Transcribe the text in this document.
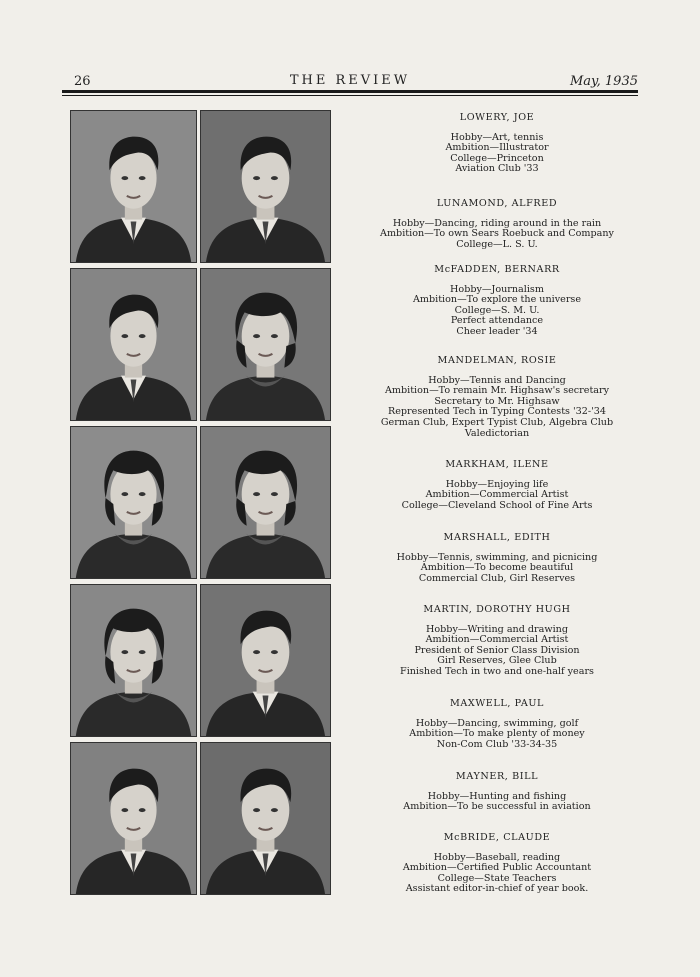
26	THE REVIEW	May, 1935
LOWERY, JOE
Hobby—Art, tennis
Ambition—Illustrator
College—Princeton
Aviation Club '33
LUNAMOND, ALFRED
Hobby—Dancing, riding around in the rain
Ambition—To own Sears Roebuck and Company
College—L. S. U.
McFADDEN, BERNARR
Hobby—Journalism
Ambition—To explore the universe
College—S. M. U.
Perfect attendance
Cheer leader '34
MANDELMAN, ROSIE
Hobby—Tennis and Dancing
Ambition—To remain Mr. Highsaw's secretary
Secretary to Mr. Highsaw
Represented Tech in Typing Contests '32-'34
German Club, Expert Typist Club, Algebra Club
Valedictorian
MARKHAM, ILENE
Hobby—Enjoying life
Ambition—Commercial Artist
College—Cleveland School of Fine Arts
MARSHALL, EDITH
Hobby—Tennis, swimming, and picnicing
Ambition—To become beautiful
Commercial Club, Girl Reserves
MARTIN, DOROTHY HUGH
Hobby—Writing and drawing
Ambition—Commercial Artist
President of Senior Class Division
Girl Reserves, Glee Club
Finished Tech in two and one-half years
MAXWELL, PAUL
Hobby—Dancing, swimming, golf
Ambition—To make plenty of money
Non-Com Club '33-34-35
MAYNER, BILL
Hobby—Hunting and fishing
Ambition—To be successful in aviation
McBRIDE, CLAUDE
Hobby—Baseball, reading
Ambition—Certified Public Accountant
College—State Teachers
Assistant editor-in-chief of year book.
